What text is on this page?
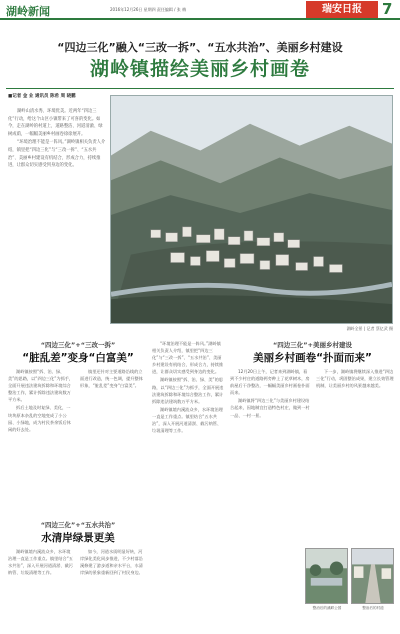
湖岭新闻	2016年12月26日 星期四 责任编辑 / 张 梅	瑞安日报	7
“四边三化”融入“三改一拆”、“五水共治”、美丽乡村建设
湖岭镇描绘美丽乡村画卷
■记者 金 业 通讯员 陈希 周 晓鹏

湖岭山清水秀、环境优美。近两年“四边三化”行动，给这个山区小镇带来了可喜的变化。如今，走在湖岭的村道上，道路整洁、河道清澈、绿树成荫，一幅幅美丽乡村画卷徐徐展开。

“环境治理不能是一阵风。”湖岭镇相关负责人介绍，镇里把“四边三化”与“三改一拆”、“五水共治”、美丽乡村建设有机结合，形成合力，持续推进，让群众切实感受到身边的变化。

湖岭全景 | 记者 蔡亿武 摄
“四边三化”+“三改一拆”
“脏乱差”变身“白富美”

湖岭镇按照“拆、治、绿、美”的思路，以“四边三化”为抓手，全面开展违法建筑拆除和环境综合整治工作，累计拆除违法建筑数万平方米。

拆后土地及时复绿、美化，一块块原本杂乱的空地变成了小公园、小绿地，成为村民茶余饭后休闲的好去处。

镇里还针对主要道路沿线的立面进行改造，统一色调，提升整体形象，“脏乱差”变身“白富美”。

“四边三化”+“五水共治”
水清岸绿景更美

湖岭镇境内溪流众多，水环境治理一直是工作重点。镇里结合“五水共治”，深入开展河道清淤、截污纳管、垃圾清理等工作。

如今，河道水质明显好转，河岸绿化美化同步推进，不少村落沿溪修建了游步道和亲水平台，水清岸绿的景象重新回到了村民身边。

“环境治理不能是一阵风。”湖岭镇相关负责人介绍，镇里把“四边三化”与“三改一拆”、“五水共治”、美丽乡村建设有机结合，形成合力，持续推进，让群众切实感受到身边的变化。

湖岭镇按照“拆、治、绿、美”的思路，以“四边三化”为抓手，全面开展违法建筑拆除和环境综合整治工作，累计拆除违法建筑数万平方米。

湖岭镇境内溪流众多，水环境治理一直是工作重点。镇里结合“五水共治”，深入开展河道清淤、截污纳管、垃圾清理等工作。

“四边三化”+美丽乡村建设
美丽乡村画卷“扑面而来”

12月20日上午，记者来到湖岭镇，看到不少村庄的道路两旁种上了花草树木，房前屋后干净整洁，一幅幅美丽乡村画卷扑面而来。

湖岭镇将“四边三化”与美丽乡村建设结合起来，因地制宜打造特色村庄，做到一村一品、一村一景。

下一步，湖岭镇将继续深入推进“四边三化”行动，巩固整治成果，建立长效管理机制，让美丽乡村的风景越来越美。

整治后的溪畔公园	整治后的村道
